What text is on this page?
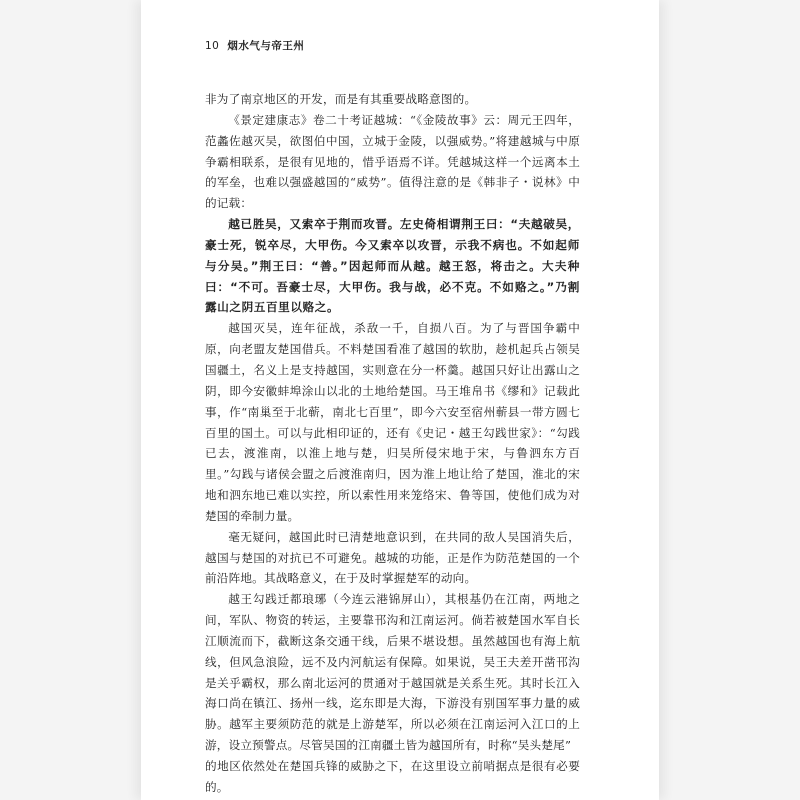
10 烟水气与帝王州

非为了南京地区的开发，而是有其重要战略意图的。

《景定建康志》卷二十考证越城：“《金陵故事》云：周元王四年，范蠡佐越灭吴，欲图伯中国，立城于金陵，以强威势。”将建越城与中原争霸相联系，是很有见地的，惜乎语焉不详。凭越城这样一个远离本土的军垒，也难以强盛越国的“威势”。值得注意的是《韩非子・说林》中的记载：

越已胜吴，又索卒于荆而攻晋。左史倚相谓荆王曰：“夫越破吴，豪士死，锐卒尽，大甲伤。今又索卒以攻晋，示我不病也。不如起师与分吴。”荆王曰：“善。”因起师而从越。越王怒，将击之。大夫种曰：“不可。吾豪士尽，大甲伤。我与战，必不克。不如赂之。”乃割露山之阴五百里以赂之。

越国灭吴，连年征战，杀敌一千，自损八百。为了与晋国争霸中原，向老盟友楚国借兵。不料楚国看准了越国的软肋，趁机起兵占领吴国疆土，名义上是支持越国，实则意在分一杯羹。越国只好让出露山之阴，即今安徽蚌埠涂山以北的土地给楚国。马王堆帛书《缪和》记载此事，作“南巢至于北蕲，南北七百里”，即今六安至宿州蕲县一带方圆七百里的国土。可以与此相印证的，还有《史记・越王勾践世家》：“勾践已去，渡淮南，以淮上地与楚，归吴所侵宋地于宋，与鲁泗东方百里。”勾践与诸侯会盟之后渡淮南归，因为淮上地让给了楚国，淮北的宋地和泗东地已难以实控，所以索性用来笼络宋、鲁等国，使他们成为对楚国的牵制力量。

毫无疑问，越国此时已清楚地意识到，在共同的敌人吴国消失后，越国与楚国的对抗已不可避免。越城的功能，正是作为防范楚国的一个前沿阵地。其战略意义，在于及时掌握楚军的动向。

越王勾践迁都琅琊（今连云港锦屏山），其根基仍在江南，两地之间，军队、物资的转运，主要靠邗沟和江南运河。倘若被楚国水军自长江顺流而下，截断这条交通干线，后果不堪设想。虽然越国也有海上航线，但风急浪险，远不及内河航运有保障。如果说，吴王夫差开凿邗沟是关乎霸权，那么南北运河的贯通对于越国就是关系生死。其时长江入海口尚在镇江、扬州一线，迄东即是大海，下游没有别国军事力量的威胁。越军主要须防范的就是上游楚军，所以必须在江南运河入江口的上游，设立预警点。尽管吴国的江南疆土皆为越国所有，时称“吴头楚尾”

的地区依然处在楚国兵锋的威胁之下，在这里设立前哨据点是很有必要的。
